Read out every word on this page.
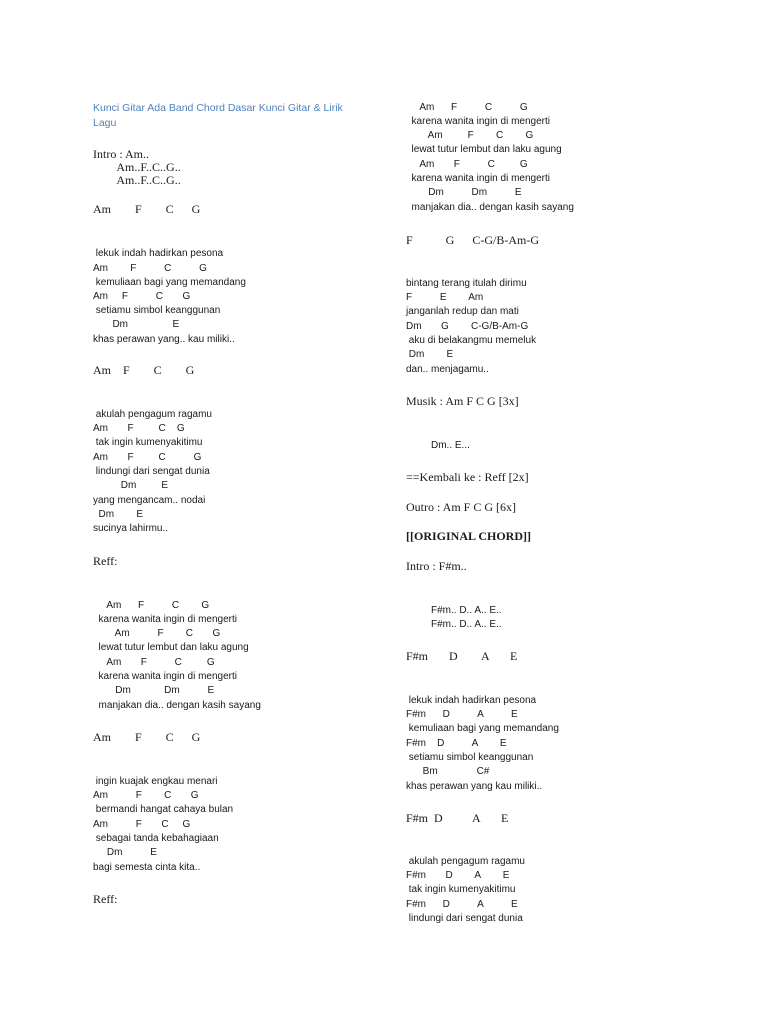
Kunci Gitar Ada Band Chord Dasar Kunci Gitar & Lirik
Lagu
Intro : Am..
Am..F..C..G..
Am..F..C..G..
Am        F        C      G
lekuk indah hadirkan pesona
Am        F          C          G
kemuliaan bagi yang memandang
Am     F          C       G
setiamu simbol keanggunan
Dm                E
khas perawan yang.. kau miliki..
Am    F        C        G
akulah pengagum ragamu
Am       F         C    G
tak ingin kumenyakitimu
Am       F         C          G
lindungi dari sengat dunia
Dm         E
yang mengancam.. nodai
Dm        E
sucinya lahirmu..
Reff:
Am      F          C        G
karena wanita ingin di mengerti
Am          F        C       G
lewat tutur lembut dan laku agung
Am       F          C         G
karena wanita ingin di mengerti
Dm            Dm          E
manjakan dia.. dengan kasih sayang
Am        F        C      G
ingin kuajak engkau menari
Am          F        C       G
bermandi hangat cahaya bulan
Am          F       C     G
sebagai tanda kebahagiaan
Dm          E
bagi semesta cinta kita..
Reff:
Am      F          C          G
karena wanita ingin di mengerti
Am         F        C        G
lewat tutur lembut dan laku agung
Am       F          C         G
karena wanita ingin di mengerti
Dm          Dm          E
manjakan dia.. dengan kasih sayang
F           G      C-G/B-Am-G
bintang terang itulah dirimu
F          E        Am
janganlah redup dan mati
Dm       G        C-G/B-Am-G
aku di belakangmu memeluk
Dm        E
dan.. menjagamu..
Musik : Am F C G [3x]
Dm.. E...
==Kembali ke : Reff [2x]
Outro : Am F C G [6x]
[[ORIGINAL CHORD]]
Intro : F#m..
F#m.. D.. A.. E..
F#m.. D.. A.. E..
F#m       D        A       E
lekuk indah hadirkan pesona
F#m      D          A          E
kemuliaan bagi yang memandang
F#m    D          A        E
setiamu simbol keanggunan
Bm              C#
khas perawan yang kau miliki..
F#m  D          A       E
akulah pengagum ragamu
F#m       D        A        E
tak ingin kumenyakitimu
F#m      D          A          E
lindungi dari sengat dunia
